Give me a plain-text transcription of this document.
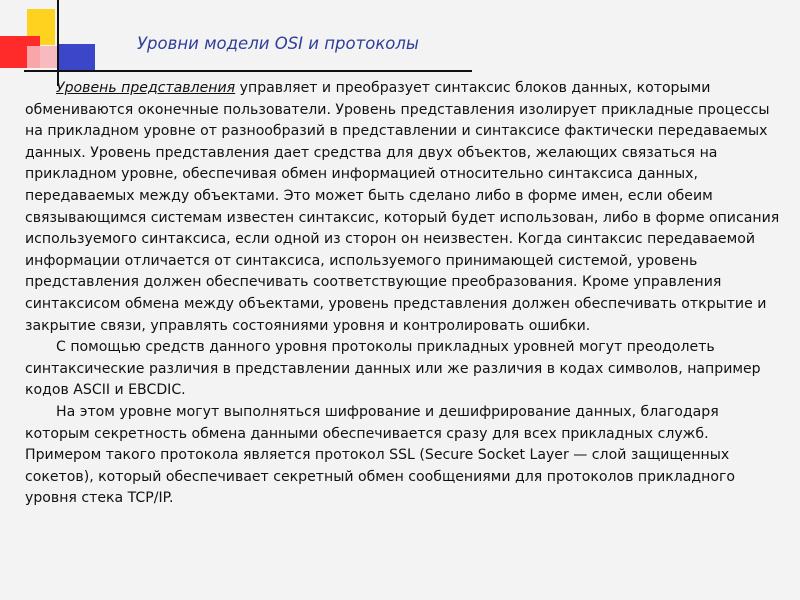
Уровни модели OSI и протоколы

Уровень представления управляет и преобразует синтаксис блоков данных, которыми обмениваются оконечные пользователи. Уровень представления изолирует прикладные процессы на прикладном уровне от разнообразий в представлении и синтаксисе фактически передаваемых данных. Уровень представления дает средства для двух объектов, желающих связаться на прикладном уровне, обеспечивая обмен информацией относительно синтаксиса данных, передаваемых между объектами. Это может быть сделано либо в форме имен, если обеим связывающимся системам известен синтаксис, который будет использован, либо в форме описания используемого синтаксиса, если одной из сторон он неизвестен. Когда синтаксис передаваемой информации отличается от синтаксиса, используемого принимающей системой, уровень представления должен обеспечивать соответствующие преобразования. Кроме управления синтаксисом обмена между объектами, уровень представления должен обеспечивать открытие и закрытие связи, управлять состояниями уровня и контролировать ошибки.

С помощью средств данного уровня протоколы прикладных уровней могут преодолеть синтаксические различия в представлении данных или же различия в кодах символов, например кодов ASCII и EBCDIC.

На этом уровне могут выполняться шифрование и дешифрирование данных, благодаря которым секретность обмена данными обеспечивается сразу для всех прикладных служб. Примером такого протокола является протокол SSL (Secure Socket Layer — слой защищенных сокетов), который обеспечивает секретный обмен сообщениями для протоколов прикладного уровня стека TCP/IP.
